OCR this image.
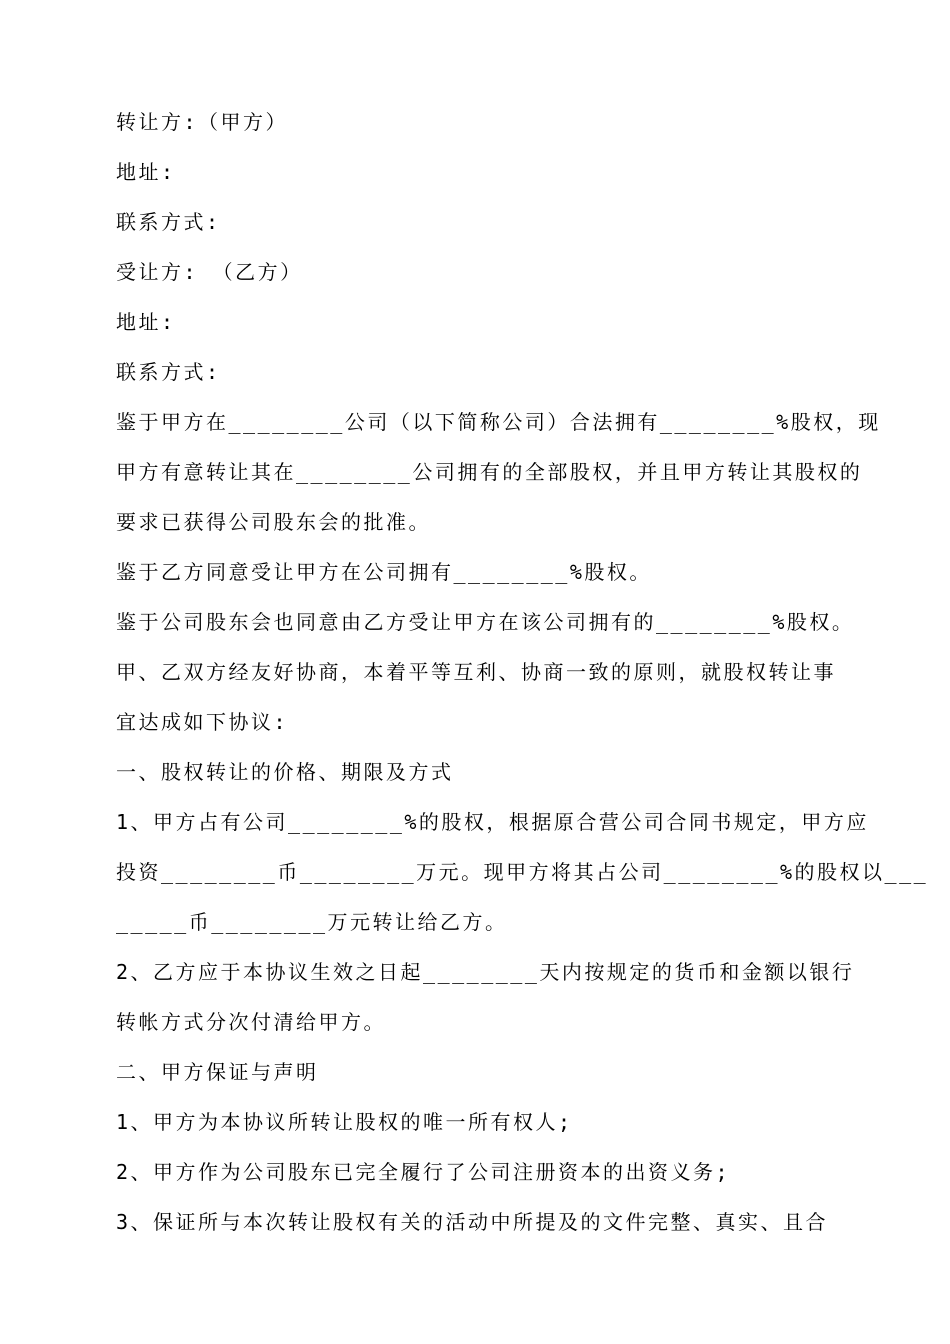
转让方:（甲方）
地址:
联系方式:
受让方: （乙方）
地址:
联系方式:
鉴于甲方在________公司（以下简称公司）合法拥有________%股权，现
甲方有意转让其在________公司拥有的全部股权，并且甲方转让其股权的
要求已获得公司股东会的批准。
鉴于乙方同意受让甲方在公司拥有________%股权。
鉴于公司股东会也同意由乙方受让甲方在该公司拥有的________%股权。
甲、乙双方经友好协商，本着平等互利、协商一致的原则，就股权转让事
宜达成如下协议:
一、股权转让的价格、期限及方式
1、甲方占有公司________%的股权，根据原合营公司合同书规定，甲方应
投资________币________万元。现甲方将其占公司________%的股权以___
_____币________万元转让给乙方。
2、乙方应于本协议生效之日起________天内按规定的货币和金额以银行
转帐方式分次付清给甲方。
二、甲方保证与声明
1、甲方为本协议所转让股权的唯一所有权人;
2、甲方作为公司股东已完全履行了公司注册资本的出资义务;
3、保证所与本次转让股权有关的活动中所提及的文件完整、真实、且合
